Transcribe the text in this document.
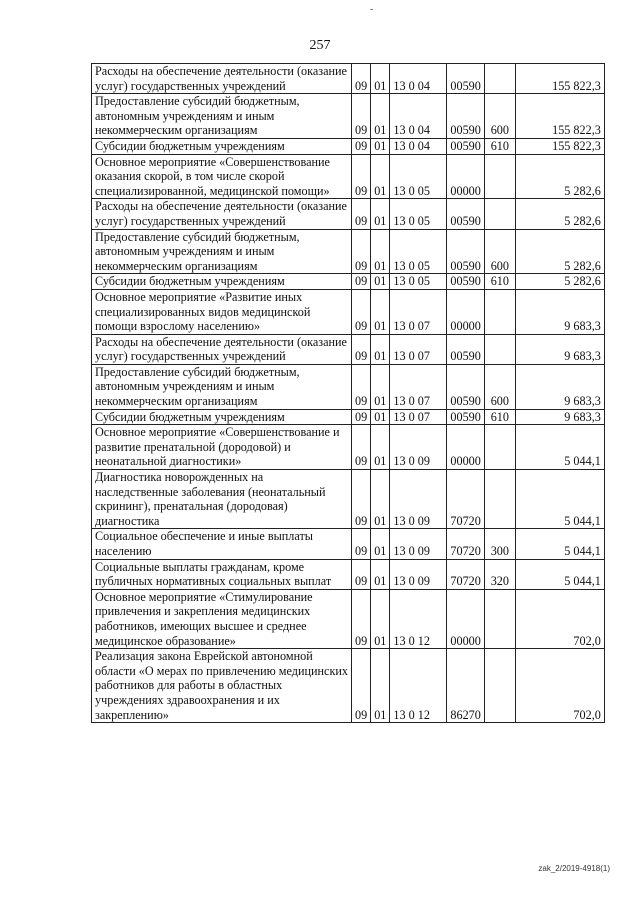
-
257
Расходы на обеспечение деятельности (оказание услуг) государственных учреждений	09	01	13 0 04	00590		155 822,3
Предоставление субсидий бюджетным, автономным учреждениям и иным некоммерческим организациям	09	01	13 0 04	00590	600	155 822,3
Субсидии бюджетным учреждениям	09	01	13 0 04	00590	610	155 822,3
Основное мероприятие «Совершенствование оказания скорой, в том числе скорой специализированной, медицинской помощи»	09	01	13 0 05	00000		5 282,6
Расходы на обеспечение деятельности (оказание услуг) государственных учреждений	09	01	13 0 05	00590		5 282,6
Предоставление субсидий бюджетным, автономным учреждениям и иным некоммерческим организациям	09	01	13 0 05	00590	600	5 282,6
Субсидии бюджетным учреждениям	09	01	13 0 05	00590	610	5 282,6
Основное мероприятие «Развитие иных специализированных видов медицинской помощи взрослому населению»	09	01	13 0 07	00000		9 683,3
Расходы на обеспечение деятельности (оказание услуг) государственных учреждений	09	01	13 0 07	00590		9 683,3
Предоставление субсидий бюджетным, автономным учреждениям и иным некоммерческим организациям	09	01	13 0 07	00590	600	9 683,3
Субсидии бюджетным учреждениям	09	01	13 0 07	00590	610	9 683,3
Основное мероприятие «Совершенствование и развитие пренатальной (дородовой) и неонатальной диагностики»	09	01	13 0 09	00000		5 044,1
Диагностика новорожденных на наследственные заболевания (неонатальный скрининг), пренатальная (дородовая) диагностика	09	01	13 0 09	70720		5 044,1
Социальное обеспечение и иные выплаты населению	09	01	13 0 09	70720	300	5 044,1
Социальные выплаты гражданам, кроме публичных нормативных социальных выплат	09	01	13 0 09	70720	320	5 044,1
Основное мероприятие «Стимулирование привлечения и закрепления медицинских работников, имеющих высшее и среднее медицинское образование»	09	01	13 0 12	00000		702,0
Реализация закона Еврейской автономной области «О мерах по привлечению медицинских работников для работы в областных учреждениях здравоохранения и их закреплению»	09	01	13 0 12	86270		702,0
zak_2/2019-4918(1)
